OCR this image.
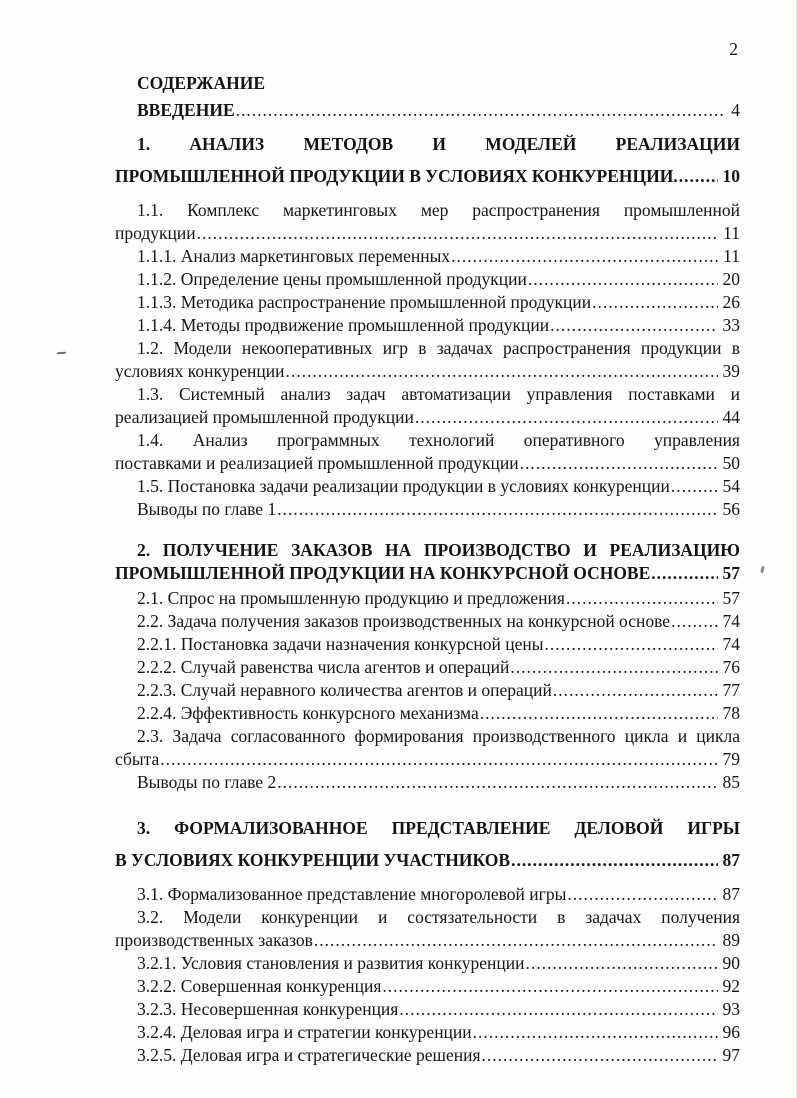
2
СОДЕРЖАНИЕ
ВВЕДЕНИЕ	4
1. АНАЛИЗ МЕТОДОВ И МОДЕЛЕЙ РЕАЛИЗАЦИИ ПРОМЫШЛЕННОЙ ПРОДУКЦИИ В УСЛОВИЯХ КОНКУРЕНЦИИ.	10
1.1. Комплекс маркетинговых мер распространения промышленной продукции	11
1.1.1. Анализ маркетинговых переменных	11
1.1.2. Определение цены промышленной продукции	20
1.1.3. Методика распространение промышленной продукции	26
1.1.4. Методы продвижение промышленной продукции	33
1.2. Модели некооперативных игр в задачах распространения продукции в условиях конкуренции	39
1.3. Системный анализ задач автоматизации управления поставками и реализацией промышленной продукции	44
1.4. Анализ программных технологий оперативного управления поставками и реализацией промышленной продукции	50
1.5. Постановка задачи реализации продукции в условиях конкуренции	54
Выводы по главе 1	56
2. ПОЛУЧЕНИЕ ЗАКАЗОВ НА ПРОИЗВОДСТВО И РЕАЛИЗАЦИЮ ПРОМЫШЛЕННОЙ ПРОДУКЦИИ НА КОНКУРСНОЙ ОСНОВЕ	57
2.1. Спрос на промышленную продукцию и предложения	57
2.2. Задача получения заказов производственных на конкурсной основе	74
2.2.1. Постановка задачи назначения конкурсной цены	74
2.2.2. Случай равенства числа агентов и операций	76
2.2.3. Случай неравного количества агентов и операций	77
2.2.4. Эффективность конкурсного механизма	78
2.3. Задача согласованного формирования производственного цикла и цикла сбыта	79
Выводы по главе 2	85
3. ФОРМАЛИЗОВАННОЕ ПРЕДСТАВЛЕНИЕ ДЕЛОВОЙ ИГРЫ В УСЛОВИЯХ КОНКУРЕНЦИИ УЧАСТНИКОВ	87
3.1. Формализованное представление многоролевой игры	87
3.2. Модели конкуренции и состязательности в задачах получения производственных заказов	89
3.2.1. Условия становления и развития конкуренции	90
3.2.2. Совершенная конкуренция	92
3.2.3. Несовершенная конкуренция	93
3.2.4. Деловая игра и стратегии конкуренции	96
3.2.5. Деловая игра и стратегические решения	97
